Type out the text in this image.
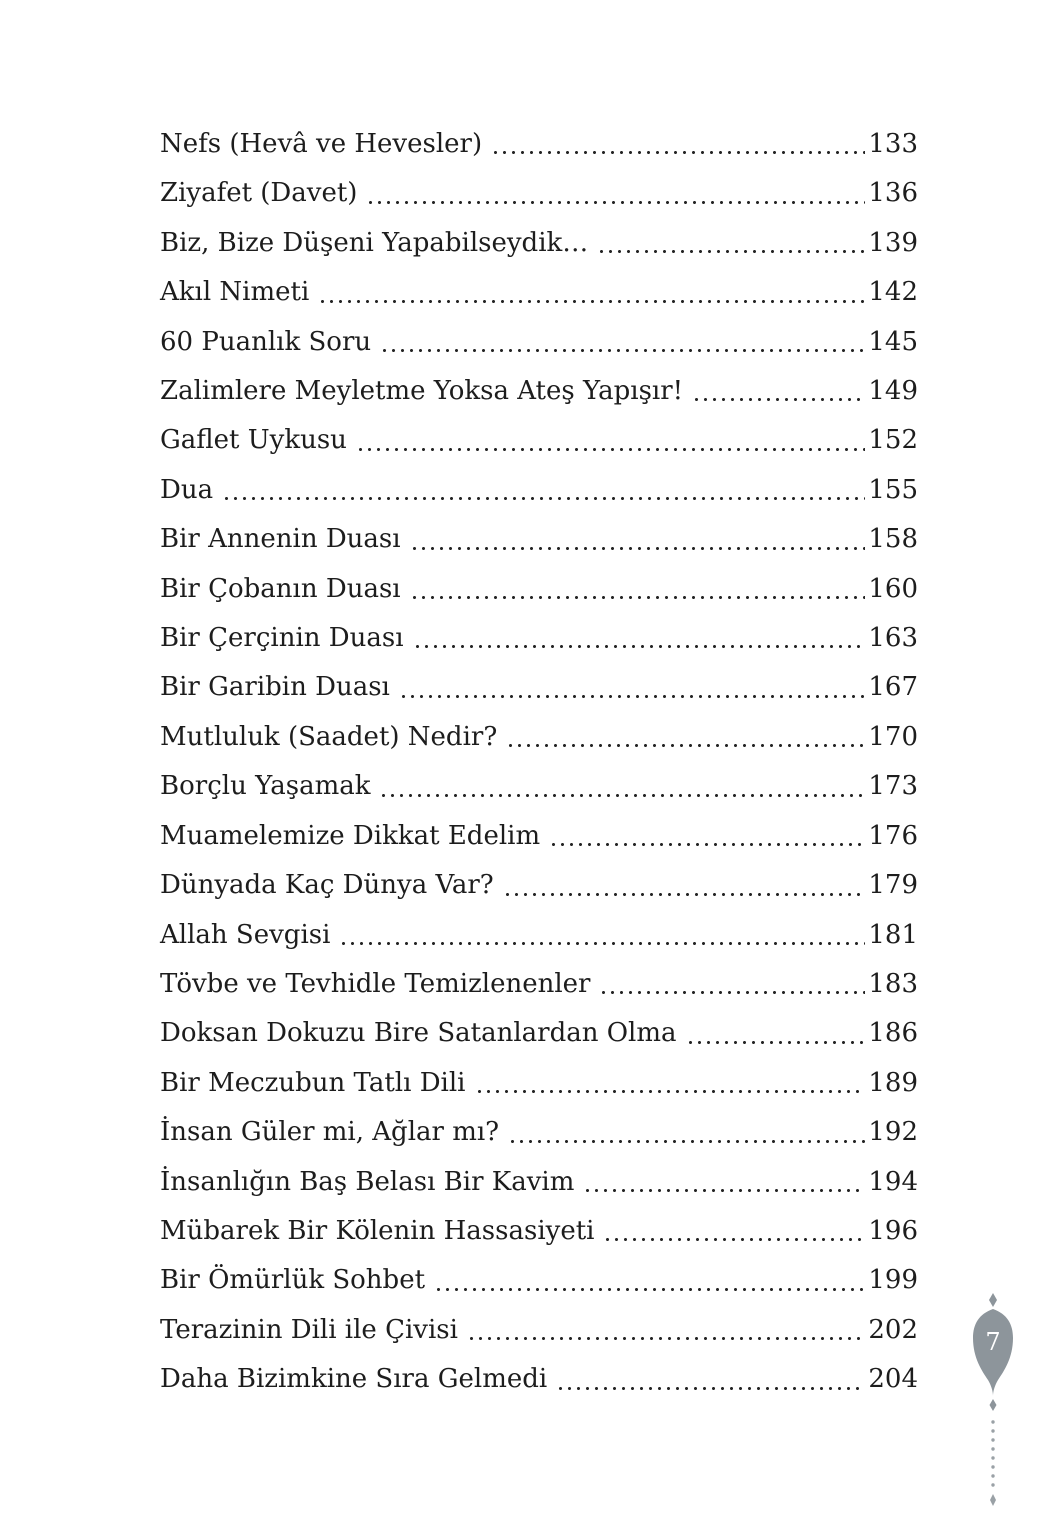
Nefs (Hevâ ve Hevesler)	133
Ziyafet (Davet)	136
Biz, Bize Düşeni Yapabilseydik…	139
Akıl Nimeti	142
60 Puanlık Soru	145
Zalimlere Meyletme Yoksa Ateş Yapışır!	149
Gaflet Uykusu	152
Dua	155
Bir Annenin Duası	158
Bir Çobanın Duası	160
Bir Çerçinin Duası	163
Bir Garibin Duası	167
Mutluluk (Saadet) Nedir?	170
Borçlu Yaşamak	173
Muamelemize Dikkat Edelim	176
Dünyada Kaç Dünya Var?	179
Allah Sevgisi	181
Tövbe ve Tevhidle Temizlenenler	183
Doksan Dokuzu Bire Satanlardan Olma	186
Bir Meczubun Tatlı Dili	189
İnsan Güler mi, Ağlar mı?	192
İnsanlığın Baş Belası Bir Kavim	194
Mübarek Bir Kölenin Hassasiyeti	196
Bir Ömürlük Sohbet	199
Terazinin Dili ile Çivisi	202
Daha Bizimkine Sıra Gelmedi	204
7
